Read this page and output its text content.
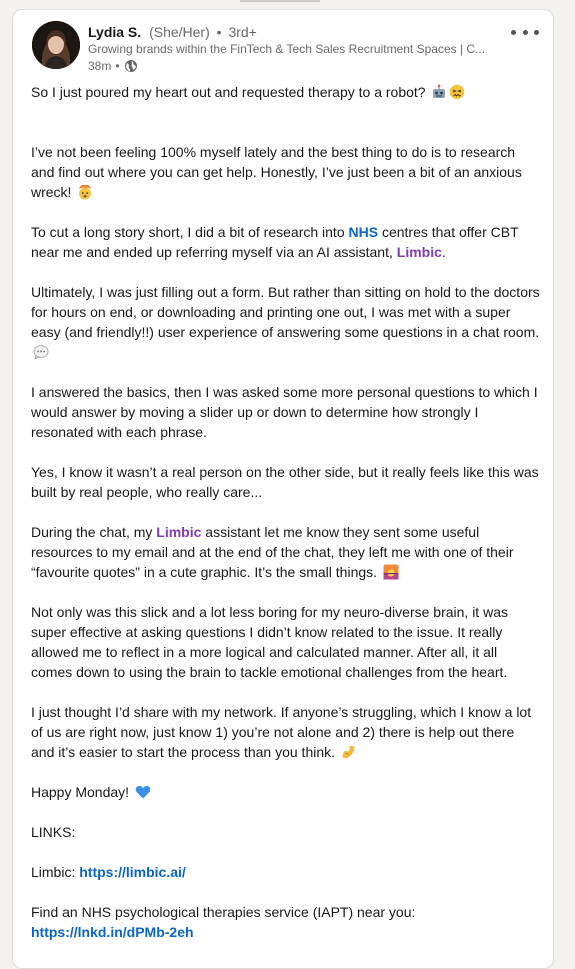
Lydia S. (She/Her) • 3rd+
Growing brands within the FinTech & Tech Sales Recruitment Spaces | C...
38m •

So I just poured my heart out and requested therapy to a robot?

I’ve not been feeling 100% myself lately and the best thing to do is to research and find out where you can get help. Honestly, I’ve just been a bit of an anxious wreck!

To cut a long story short, I did a bit of research into NHS centres that offer CBT near me and ended up referring myself via an AI assistant, Limbic.

Ultimately, I was just filling out a form. But rather than sitting on hold to the doctors for hours on end, or downloading and printing one out, I was met with a super easy (and friendly!!) user experience of answering some questions in a chat room.

I answered the basics, then I was asked some more personal questions to which I would answer by moving a slider up or down to determine how strongly I resonated with each phrase.

Yes, I know it wasn’t a real person on the other side, but it really feels like this was built by real people, who really care...

During the chat, my Limbic assistant let me know they sent some useful resources to my email and at the end of the chat, they left me with one of their “favourite quotes” in a cute graphic. It’s the small things.

Not only was this slick and a lot less boring for my neuro-diverse brain, it was super effective at asking questions I didn’t know related to the issue. It really allowed me to reflect in a more logical and calculated manner. After all, it all comes down to using the brain to tackle emotional challenges from the heart.

I just thought I’d share with my network. If anyone’s struggling, which I know a lot of us are right now, just know 1) you’re not alone and 2) there is help out there and it’s easier to start the process than you think.

Happy Monday!

LINKS:

Limbic: https://limbic.ai/

Find an NHS psychological therapies service (IAPT) near you:

https://lnkd.in/dPMb-2eh
